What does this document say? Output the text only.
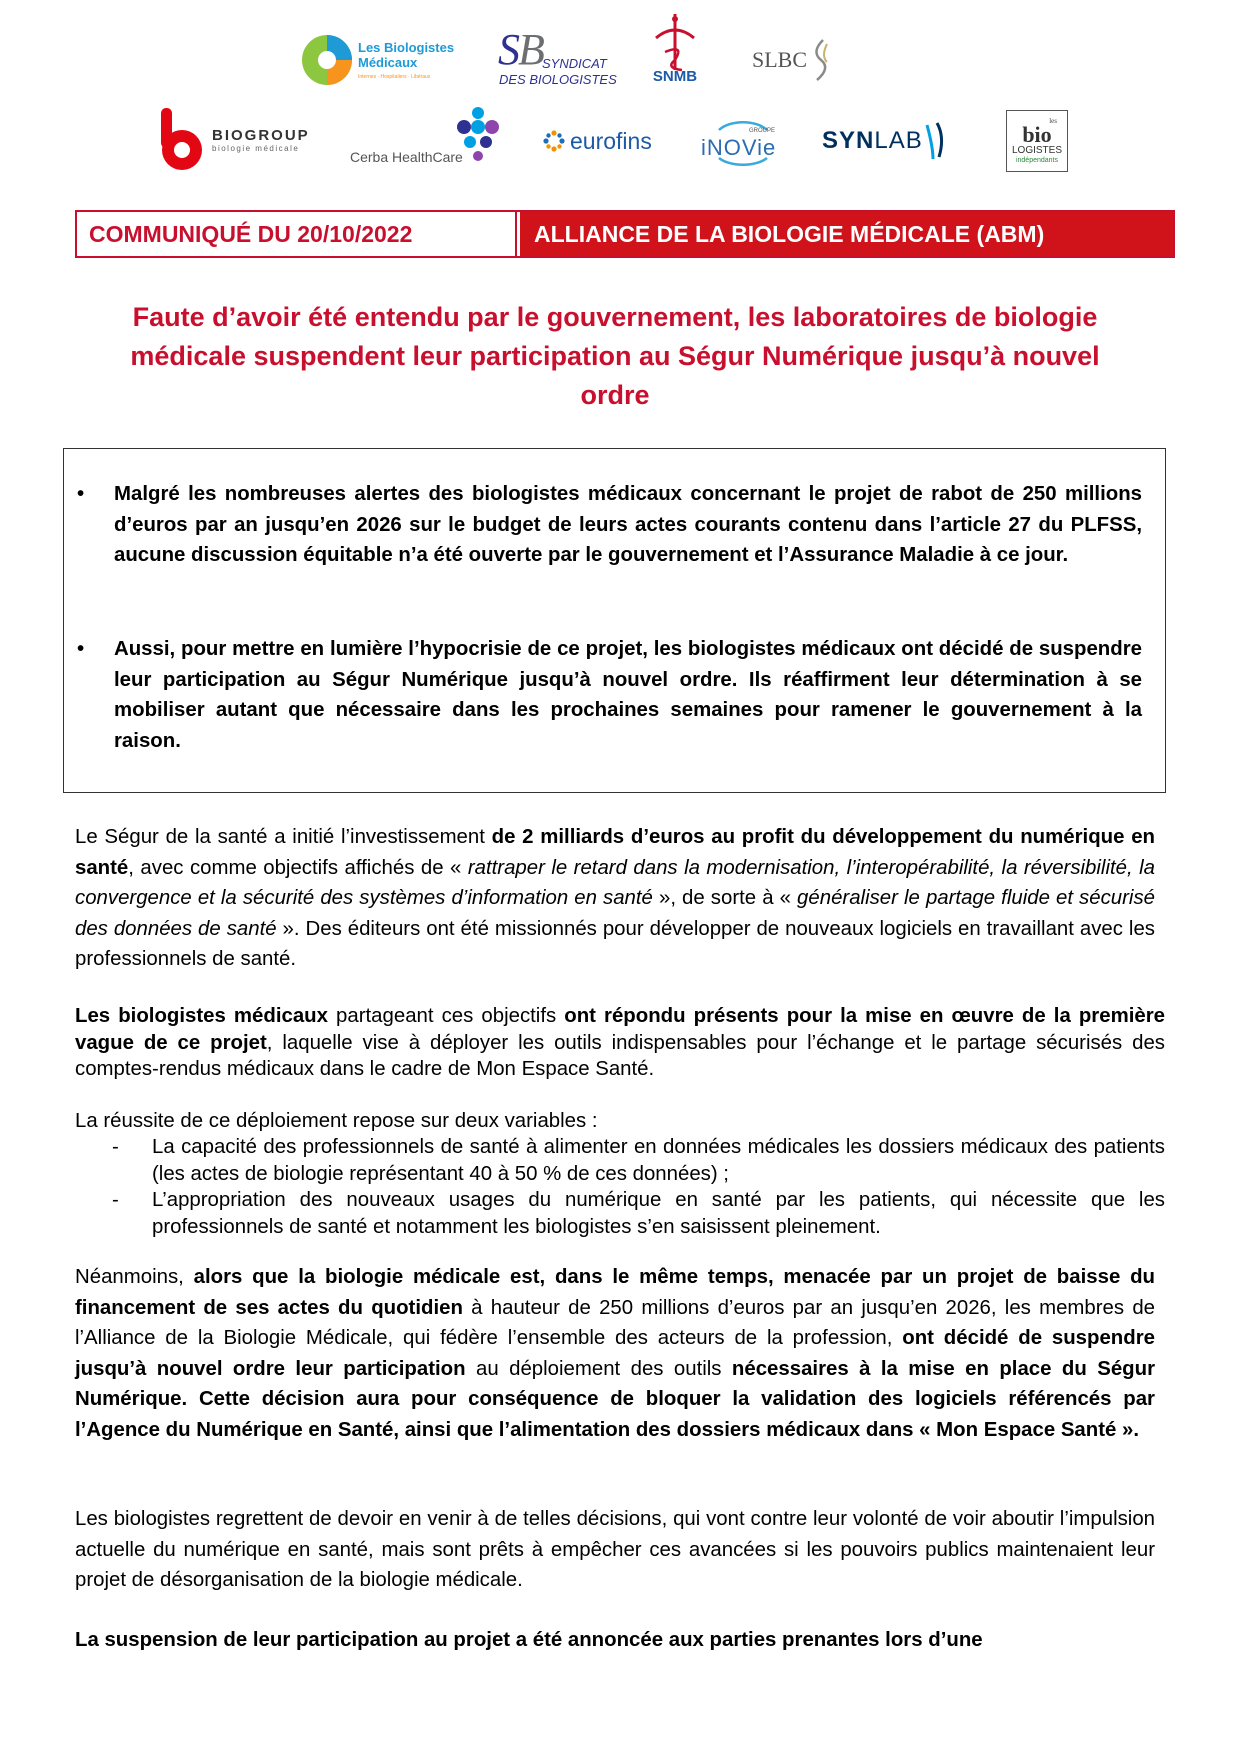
Les Biologistes
Médicaux
Internes · Hospitaliers · Libéraux
S
B
SYNDICAT
DES BIOLOGISTES SNMB
SLBC
BIOGROUP
biologie médicale
Cerba HealthCare
eurofins	GROUPE
iNOVie SYN LAB
les
bio
LOGISTES
indépendants
COMMUNIQUÉ DU 20/10/2022	ALLIANCE DE LA BIOLOGIE MÉDICALE (ABM)
Faute d’avoir été entendu par le gouvernement, les laboratoires de biologie
médicale suspendent leur participation au Ségur Numérique jusqu’à nouvel
ordre
• Malgré les nombreuses alertes des biologistes médicaux concernant le projet de rabot de 250 millions d’euros par an jusqu’en 2026 sur le budget de leurs actes courants contenu dans l’article 27 du PLFSS, aucune discussion équitable n’a été ouverte par le gouvernement et l’Assurance Maladie à ce jour.
• Aussi, pour mettre en lumière l’hypocrisie de ce projet, les biologistes médicaux ont décidé de suspendre leur participation au Ségur Numérique jusqu’à nouvel ordre. Ils réaffirment leur détermination à se mobiliser autant que nécessaire dans les prochaines semaines pour ramener le gouvernement à la raison.

Le Ségur de la santé a initié l’investissement de 2 milliards d’euros au profit du développement du numérique en santé, avec comme objectifs affichés de « rattraper le retard dans la modernisation, l’interopérabilité, la réversibilité, la convergence et la sécurité des systèmes d’information en santé », de sorte à « généraliser le partage fluide et sécurisé des données de santé ». Des éditeurs ont été missionnés pour développer de nouveaux logiciels en travaillant avec les professionnels de santé.

Les biologistes médicaux partageant ces objectifs ont répondu présents pour la mise en œuvre de la première vague de ce projet, laquelle vise à déployer les outils indispensables pour l’échange et le partage sécurisés des comptes-rendus médicaux dans le cadre de Mon Espace Santé.

La réussite de ce déploiement repose sur deux variables :

- La capacité des professionnels de santé à alimenter en données médicales les dossiers médicaux des patients (les actes de biologie représentant 40 à 50 % de ces données) ;
- L’appropriation des nouveaux usages du numérique en santé par les patients, qui nécessite que les professionnels de santé et notamment les biologistes s’en saisissent pleinement.

Néanmoins, alors que la biologie médicale est, dans le même temps, menacée par un projet de baisse du financement de ses actes du quotidien à hauteur de 250 millions d’euros par an jusqu’en 2026, les membres de l’Alliance de la Biologie Médicale, qui fédère l’ensemble des acteurs de la profession, ont décidé de suspendre jusqu’à nouvel ordre leur participation au déploiement des outils nécessaires à la mise en place du Ségur Numérique. Cette décision aura pour conséquence de bloquer la validation des logiciels référencés par l’Agence du Numérique en Santé, ainsi que l’alimentation des dossiers médicaux dans « Mon Espace Santé ».

Les biologistes regrettent de devoir en venir à de telles décisions, qui vont contre leur volonté de voir aboutir l’impulsion actuelle du numérique en santé, mais sont prêts à empêcher ces avancées si les pouvoirs publics maintenaient leur projet de désorganisation de la biologie médicale.

La suspension de leur participation au projet a été annoncée aux parties prenantes lors d’une
